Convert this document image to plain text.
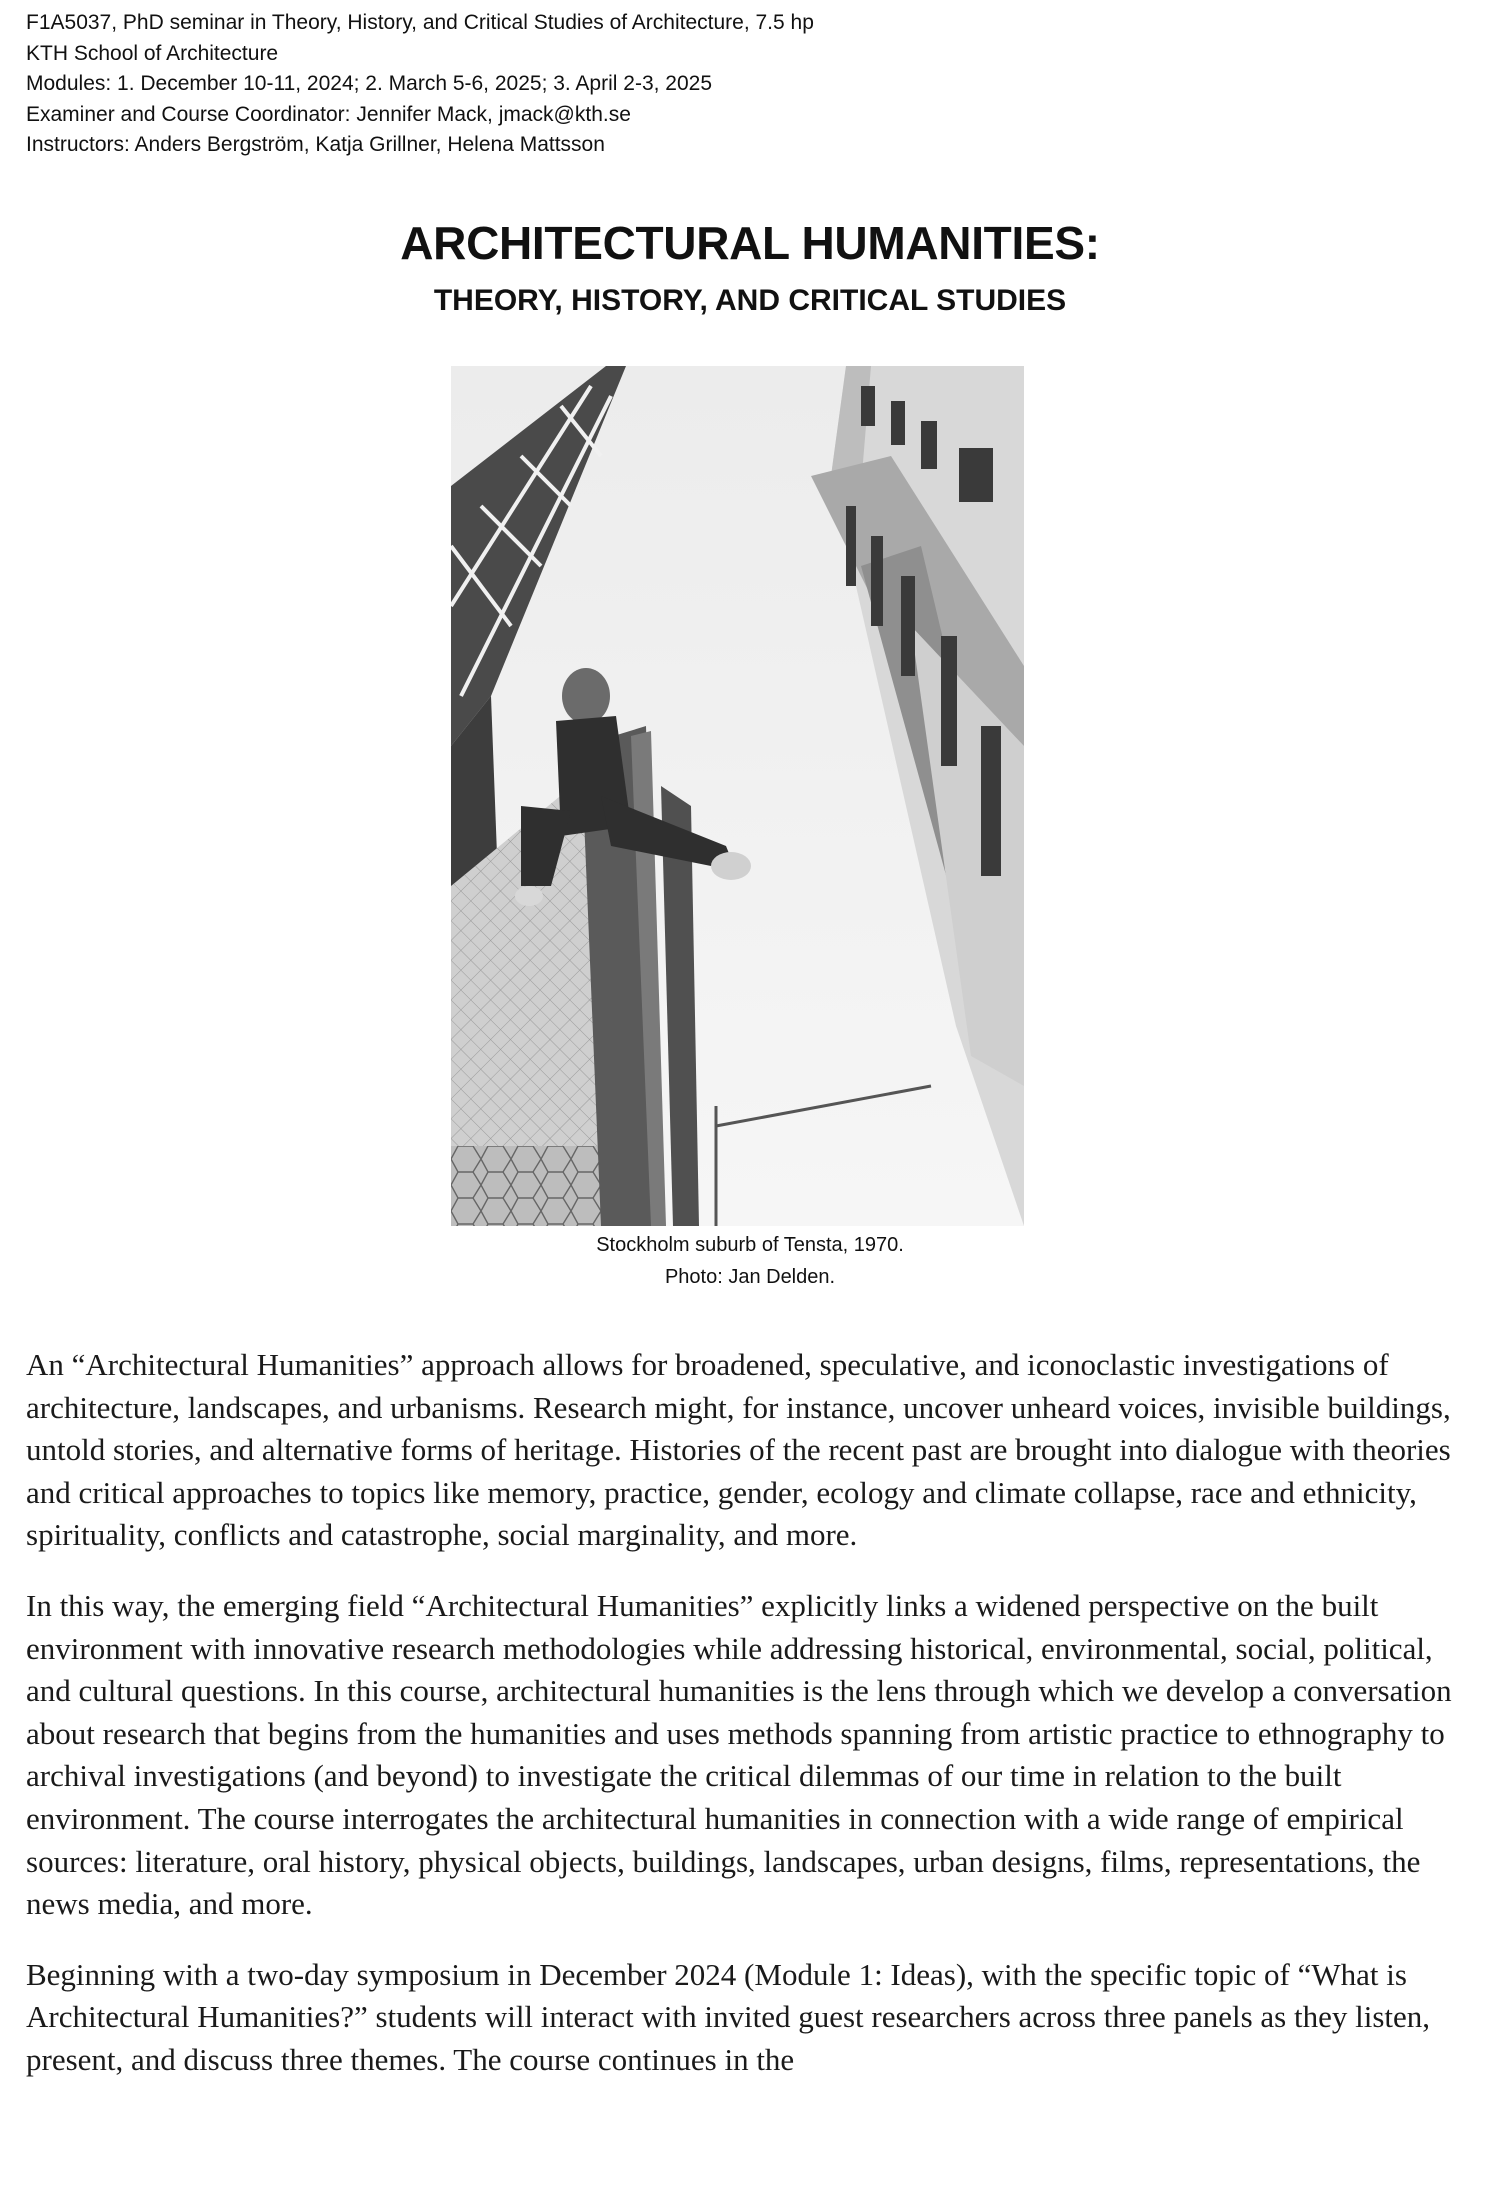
F1A5037, PhD seminar in Theory, History, and Critical Studies of Architecture, 7.5 hp
KTH School of Architecture
Modules: 1. December 10-11, 2024; 2. March 5-6, 2025; 3. April 2-3, 2025
Examiner and Course Coordinator: Jennifer Mack, jmack@kth.se
Instructors: Anders Bergström, Katja Grillner, Helena Mattsson
ARCHITECTURAL HUMANITIES:
THEORY, HISTORY, AND CRITICAL STUDIES
Stockholm suburb of Tensta, 1970.
Photo: Jan Delden.

An “Architectural Humanities” approach allows for broadened, speculative, and iconoclastic investigations of architecture, landscapes, and urbanisms. Research might, for instance, uncover unheard voices, invisible buildings, untold stories, and alternative forms of heritage. Histories of the recent past are brought into dialogue with theories and critical approaches to topics like memory, practice, gender, ecology and climate collapse, race and ethnicity, spirituality, conflicts and catastrophe, social marginality, and more.

In this way, the emerging field “Architectural Humanities” explicitly links a widened perspective on the built environment with innovative research methodologies while addressing historical, environmental, social, political, and cultural questions. In this course, architectural humanities is the lens through which we develop a conversation about research that begins from the humanities and uses methods spanning from artistic practice to ethnography to archival investigations (and beyond) to investigate the critical dilemmas of our time in relation to the built environment. The course interrogates the architectural humanities in connection with a wide range of empirical sources: literature, oral history, physical objects, buildings, landscapes, urban designs, films, representations, the news media, and more.

Beginning with a two-day symposium in December 2024 (Module 1: Ideas), with the specific topic of “What is Architectural Humanities?” students will interact with invited guest researchers across three panels as they listen, present, and discuss three themes. The course continues in the
